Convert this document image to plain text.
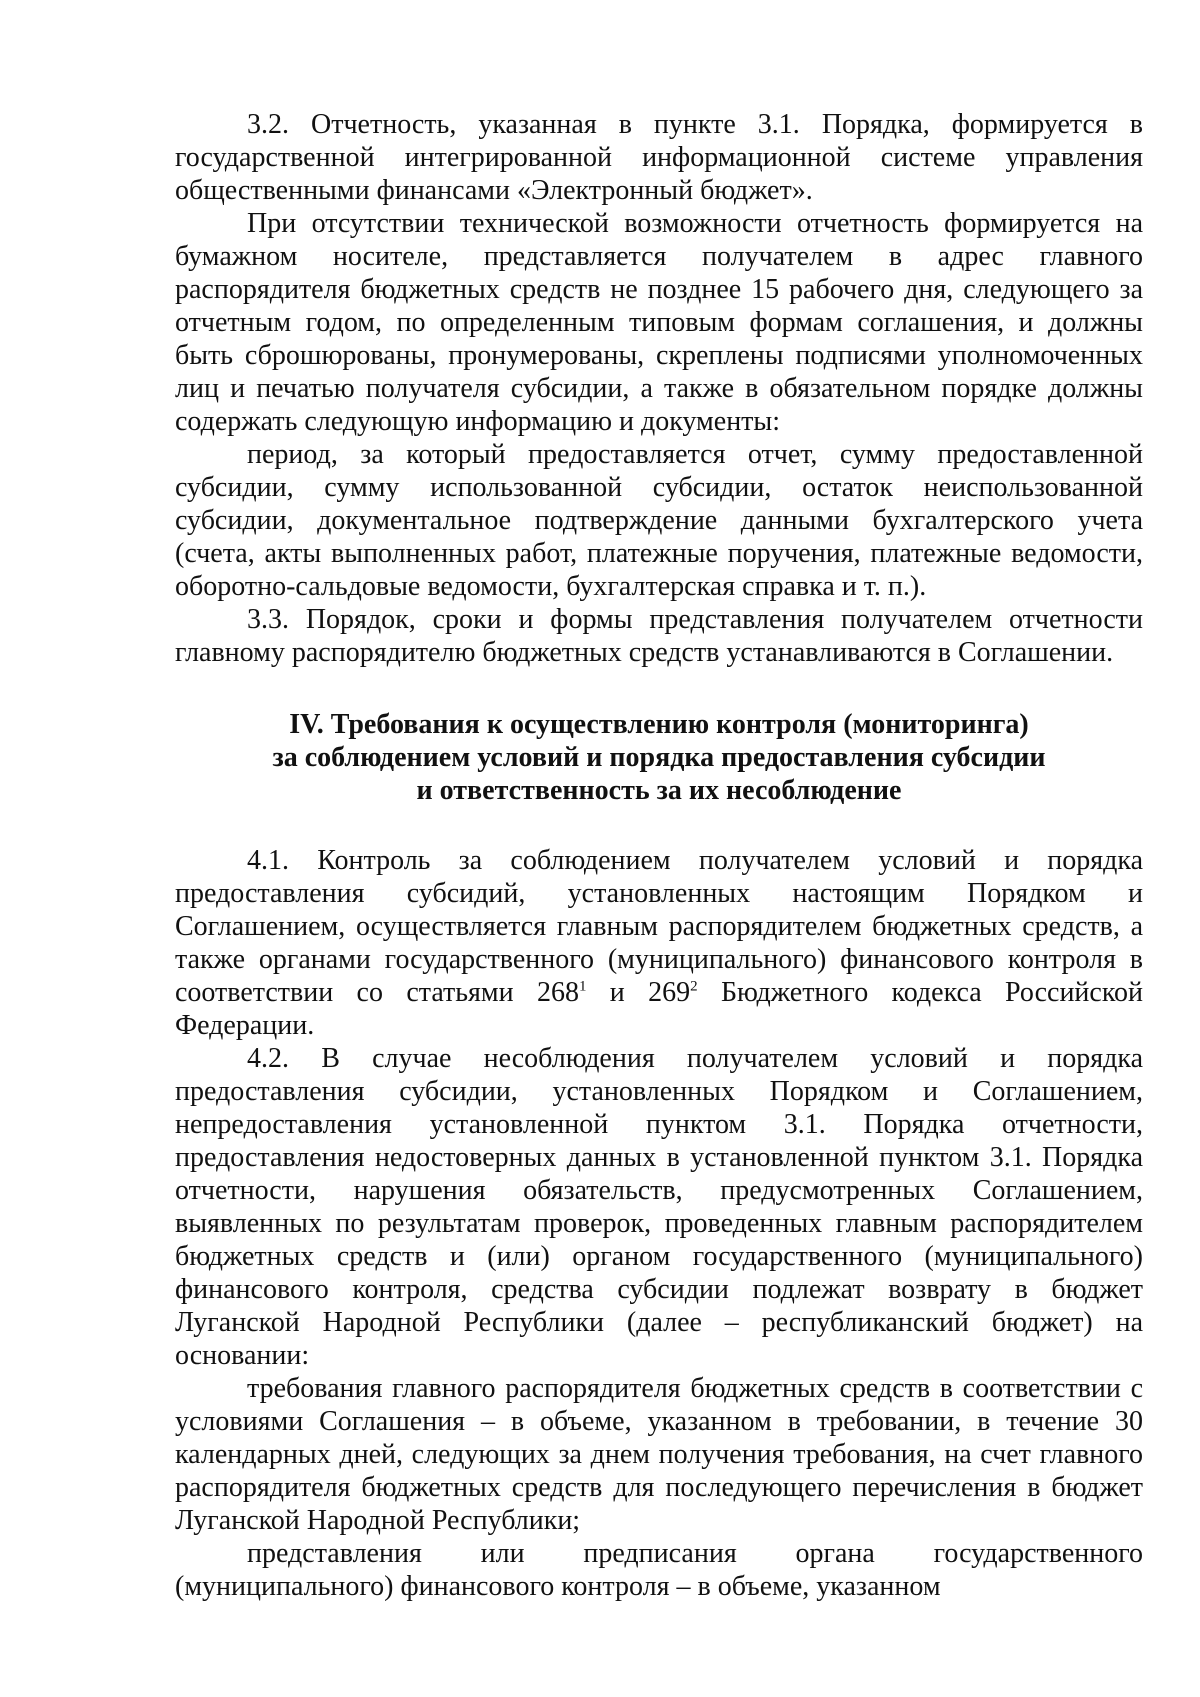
3.2. Отчетность, указанная в пункте 3.1. Порядка, формируется в государственной интегрированной информационной системе управления общественными финансами «Электронный бюджет».

При отсутствии технической возможности отчетность формируется на бумажном носителе, представляется получателем в адрес главного распорядителя бюджетных средств не позднее 15 рабочего дня, следующего за отчетным годом, по определенным типовым формам соглашения, и должны быть сброшюрованы, пронумерованы, скреплены подписями уполномоченных лиц и печатью получателя субсидии, а также в обязательном порядке должны содержать следующую информацию и документы:

период, за который предоставляется отчет, сумму предоставленной субсидии, сумму использованной субсидии, остаток неиспользованной субсидии, документальное подтверждение данными бухгалтерского учета (счета, акты выполненных работ, платежные поручения, платежные ведомости, оборотно-сальдовые ведомости, бухгалтерская справка и т. п.).

3.3. Порядок, сроки и формы представления получателем отчетности главному распорядителю бюджетных средств устанавливаются в Соглашении.

IV. Требования к осуществлению контроля (мониторинга)
за соблюдением условий и порядка предоставления субсидии
и ответственность за их несоблюдение

4.1. Контроль за соблюдением получателем условий и порядка предоставления субсидий, установленных настоящим Порядком и Соглашением, осуществляется главным распорядителем бюджетных средств, а также органами государственного (муниципального) финансового контроля в соответствии со статьями $268^1$ и $269^2$ Бюджетного кодекса Российской Федерации.

4.2. В случае несоблюдения получателем условий и порядка предоставления субсидии, установленных Порядком и Соглашением, непредоставления установленной пунктом 3.1. Порядка отчетности, предоставления недостоверных данных в установленной пунктом 3.1. Порядка отчетности, нарушения обязательств, предусмотренных Соглашением, выявленных по результатам проверок, проведенных главным распорядителем бюджетных средств и (или) органом государственного (муниципального) финансового контроля, средства субсидии подлежат возврату в бюджет Луганской Народной Республики (далее – республиканский бюджет) на основании:

требования главного распорядителя бюджетных средств в соответствии с условиями Соглашения – в объеме, указанном в требовании, в течение 30 календарных дней, следующих за днем получения требования, на счет главного распорядителя бюджетных средств для последующего перечисления в бюджет Луганской Народной Республики;

представления или предписания органа государственного (муниципального) финансового контроля – в объеме, указанном
